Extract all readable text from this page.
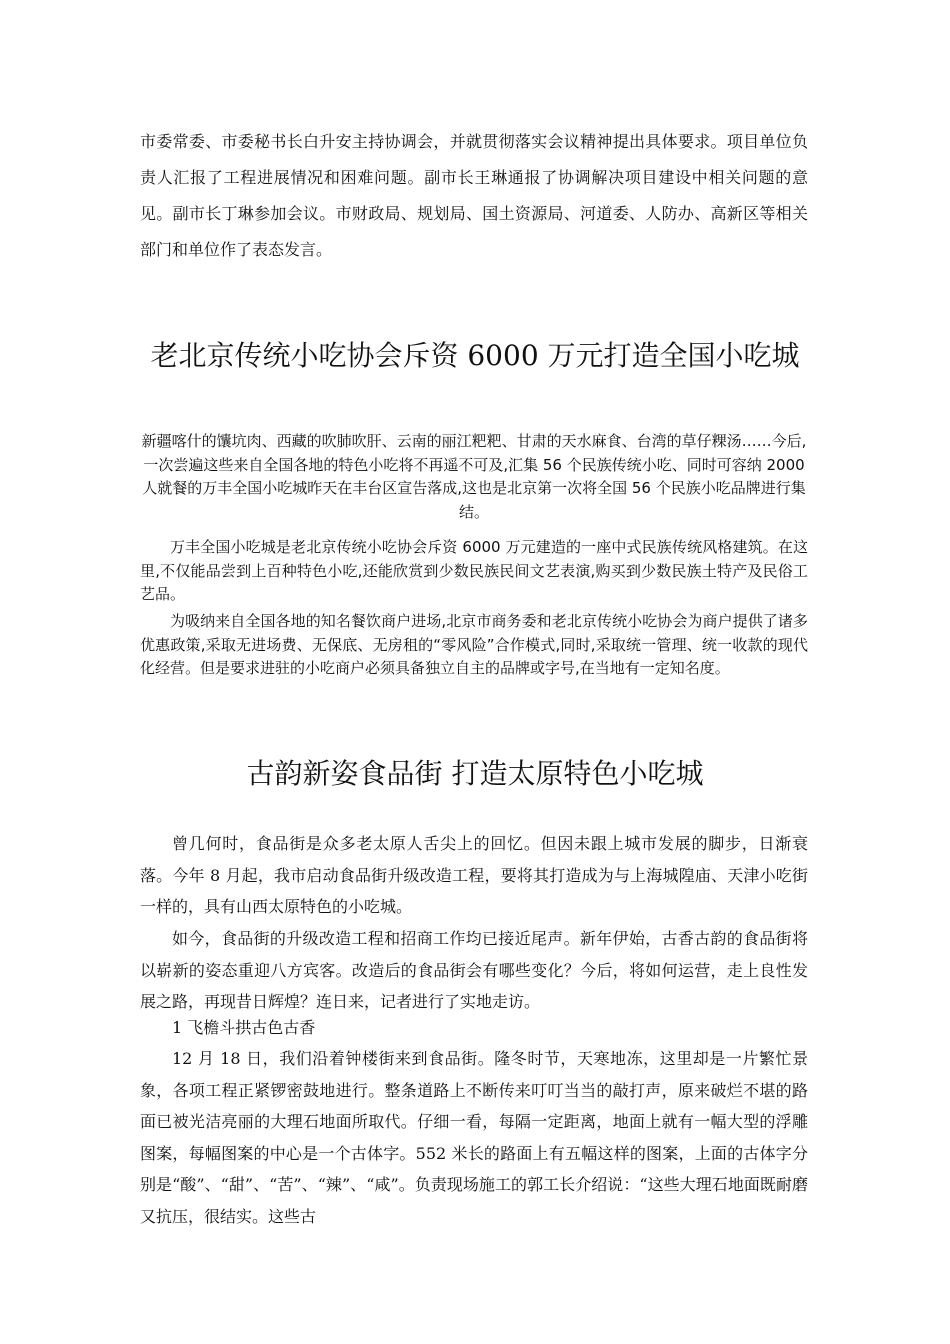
市委常委、市委秘书长白升安主持协调会，并就贯彻落实会议精神提出具体要求。项目单位负责人汇报了工程进展情况和困难问题。副市长王琳通报了协调解决项目建设中相关问题的意见。副市长丁琳参加会议。市财政局、规划局、国土资源局、河道委、人防办、高新区等相关部门和单位作了表态发言。

老北京传统小吃协会斥资 6000 万元打造全国小吃城

新疆喀什的馕坑肉、西藏的吹肺吹肝、云南的丽江粑粑、甘肃的天水麻食、台湾的草仔粿汤……今后,一次尝遍这些来自全国各地的特色小吃将不再遥不可及,汇集 56 个民族传统小吃、同时可容纳 2000 人就餐的万丰全国小吃城昨天在丰台区宣告落成,这也是北京第一次将全国 56 个民族小吃品牌进行集结。

万丰全国小吃城是老北京传统小吃协会斥资 6000 万元建造的一座中式民族传统风格建筑。在这里,不仅能品尝到上百种特色小吃,还能欣赏到少数民族民间文艺表演,购买到少数民族土特产及民俗工艺品。

为吸纳来自全国各地的知名餐饮商户进场,北京市商务委和老北京传统小吃协会为商户提供了诸多优惠政策,采取无进场费、无保底、无房租的“零风险”合作模式,同时,采取统一管理、统一收款的现代化经营。但是要求进驻的小吃商户必须具备独立自主的品牌或字号,在当地有一定知名度。

古韵新姿食品街 打造太原特色小吃城

曾几何时，食品街是众多老太原人舌尖上的回忆。但因未跟上城市发展的脚步，日渐衰落。今年 8 月起，我市启动食品街升级改造工程，要将其打造成为与上海城隍庙、天津小吃街一样的，具有山西太原特色的小吃城。

如今，食品街的升级改造工程和招商工作均已接近尾声。新年伊始，古香古韵的食品街将以崭新的姿态重迎八方宾客。改造后的食品街会有哪些变化？今后，将如何运营，走上良性发展之路，再现昔日辉煌？连日来，记者进行了实地走访。

1 飞檐斗拱古色古香

12 月 18 日，我们沿着钟楼街来到食品街。隆冬时节，天寒地冻，这里却是一片繁忙景象，各项工程正紧锣密鼓地进行。整条道路上不断传来叮叮当当的敲打声，原来破烂不堪的路面已被光洁亮丽的大理石地面所取代。仔细一看，每隔一定距离，地面上就有一幅大型的浮雕图案，每幅图案的中心是一个古体字。552 米长的路面上有五幅这样的图案，上面的古体字分别是“酸”、“甜”、“苦”、“辣”、“咸”。负责现场施工的郭工长介绍说：“这些大理石地面既耐磨又抗压，很结实。这些古
